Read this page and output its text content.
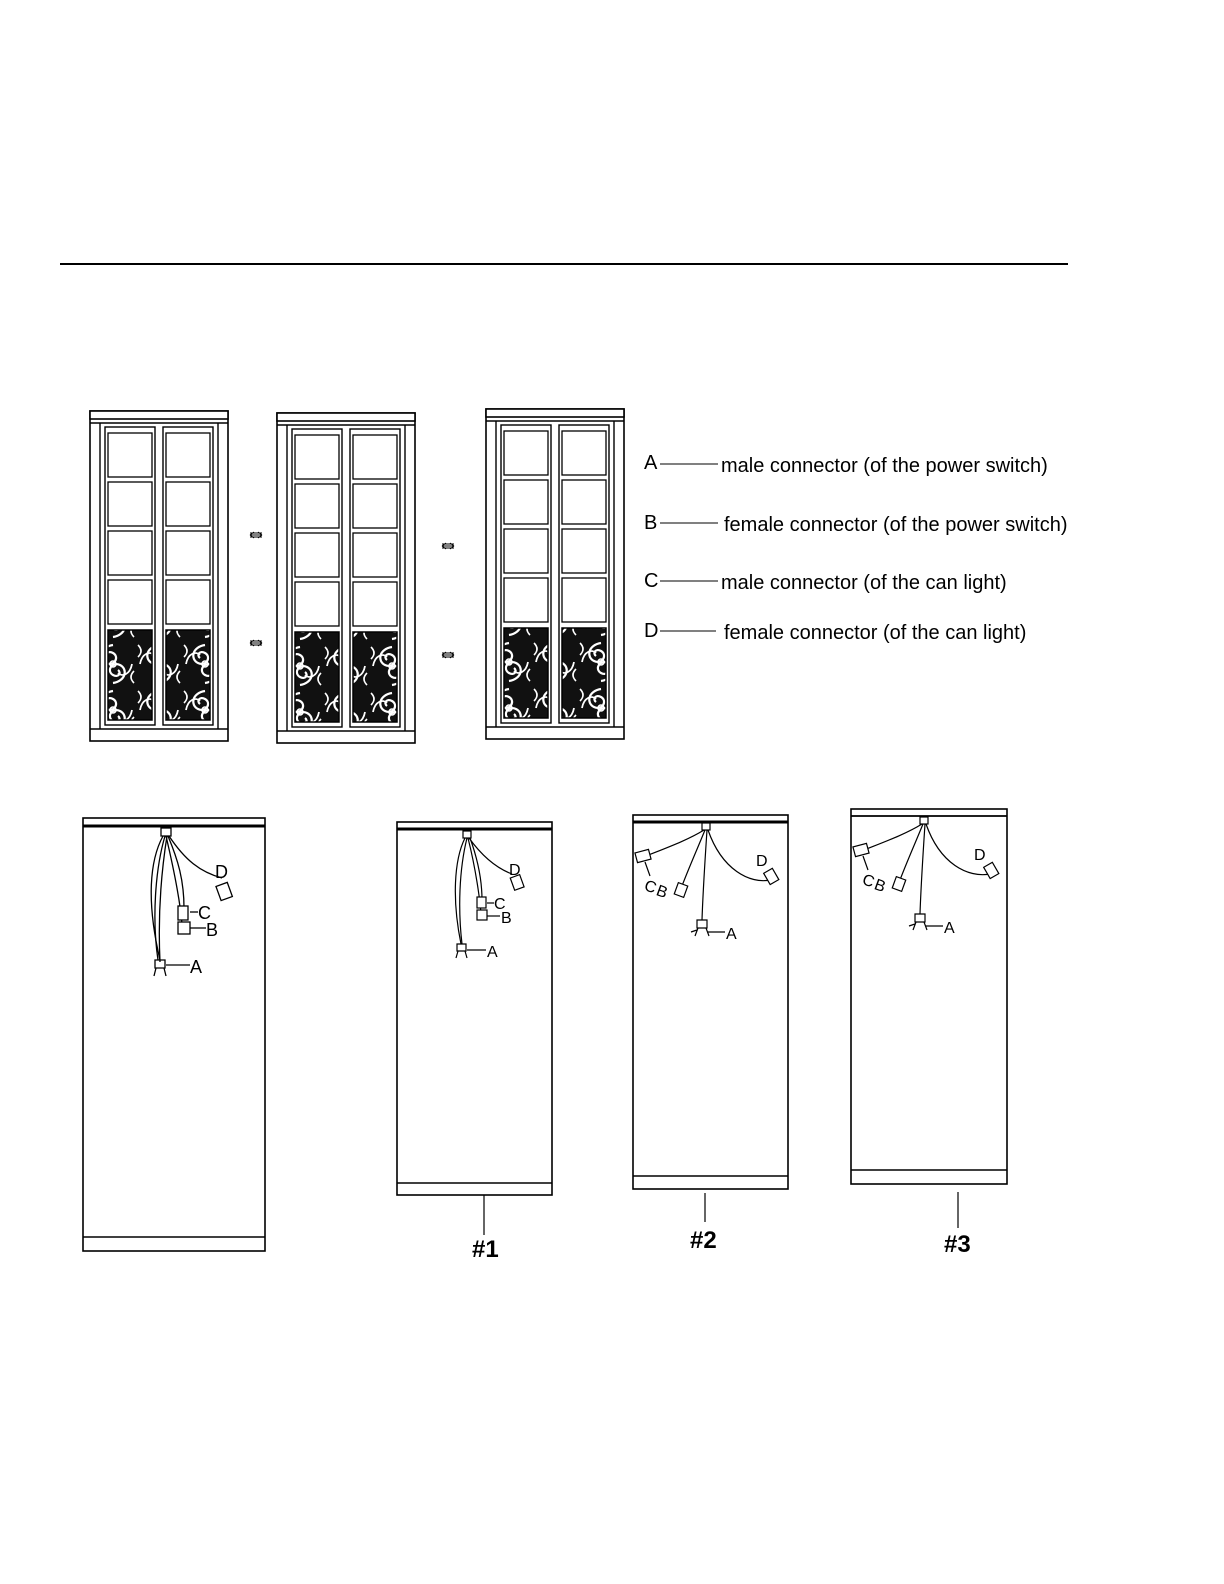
A	male connector (of the power switch)
B	female connector (of the power switch)
C	male connector (of the can light)
D	female connector (of the can light)
D
C
B
A
D
C
B
A
#1
D
C
B
A
#2
D
C
B
A
#3
